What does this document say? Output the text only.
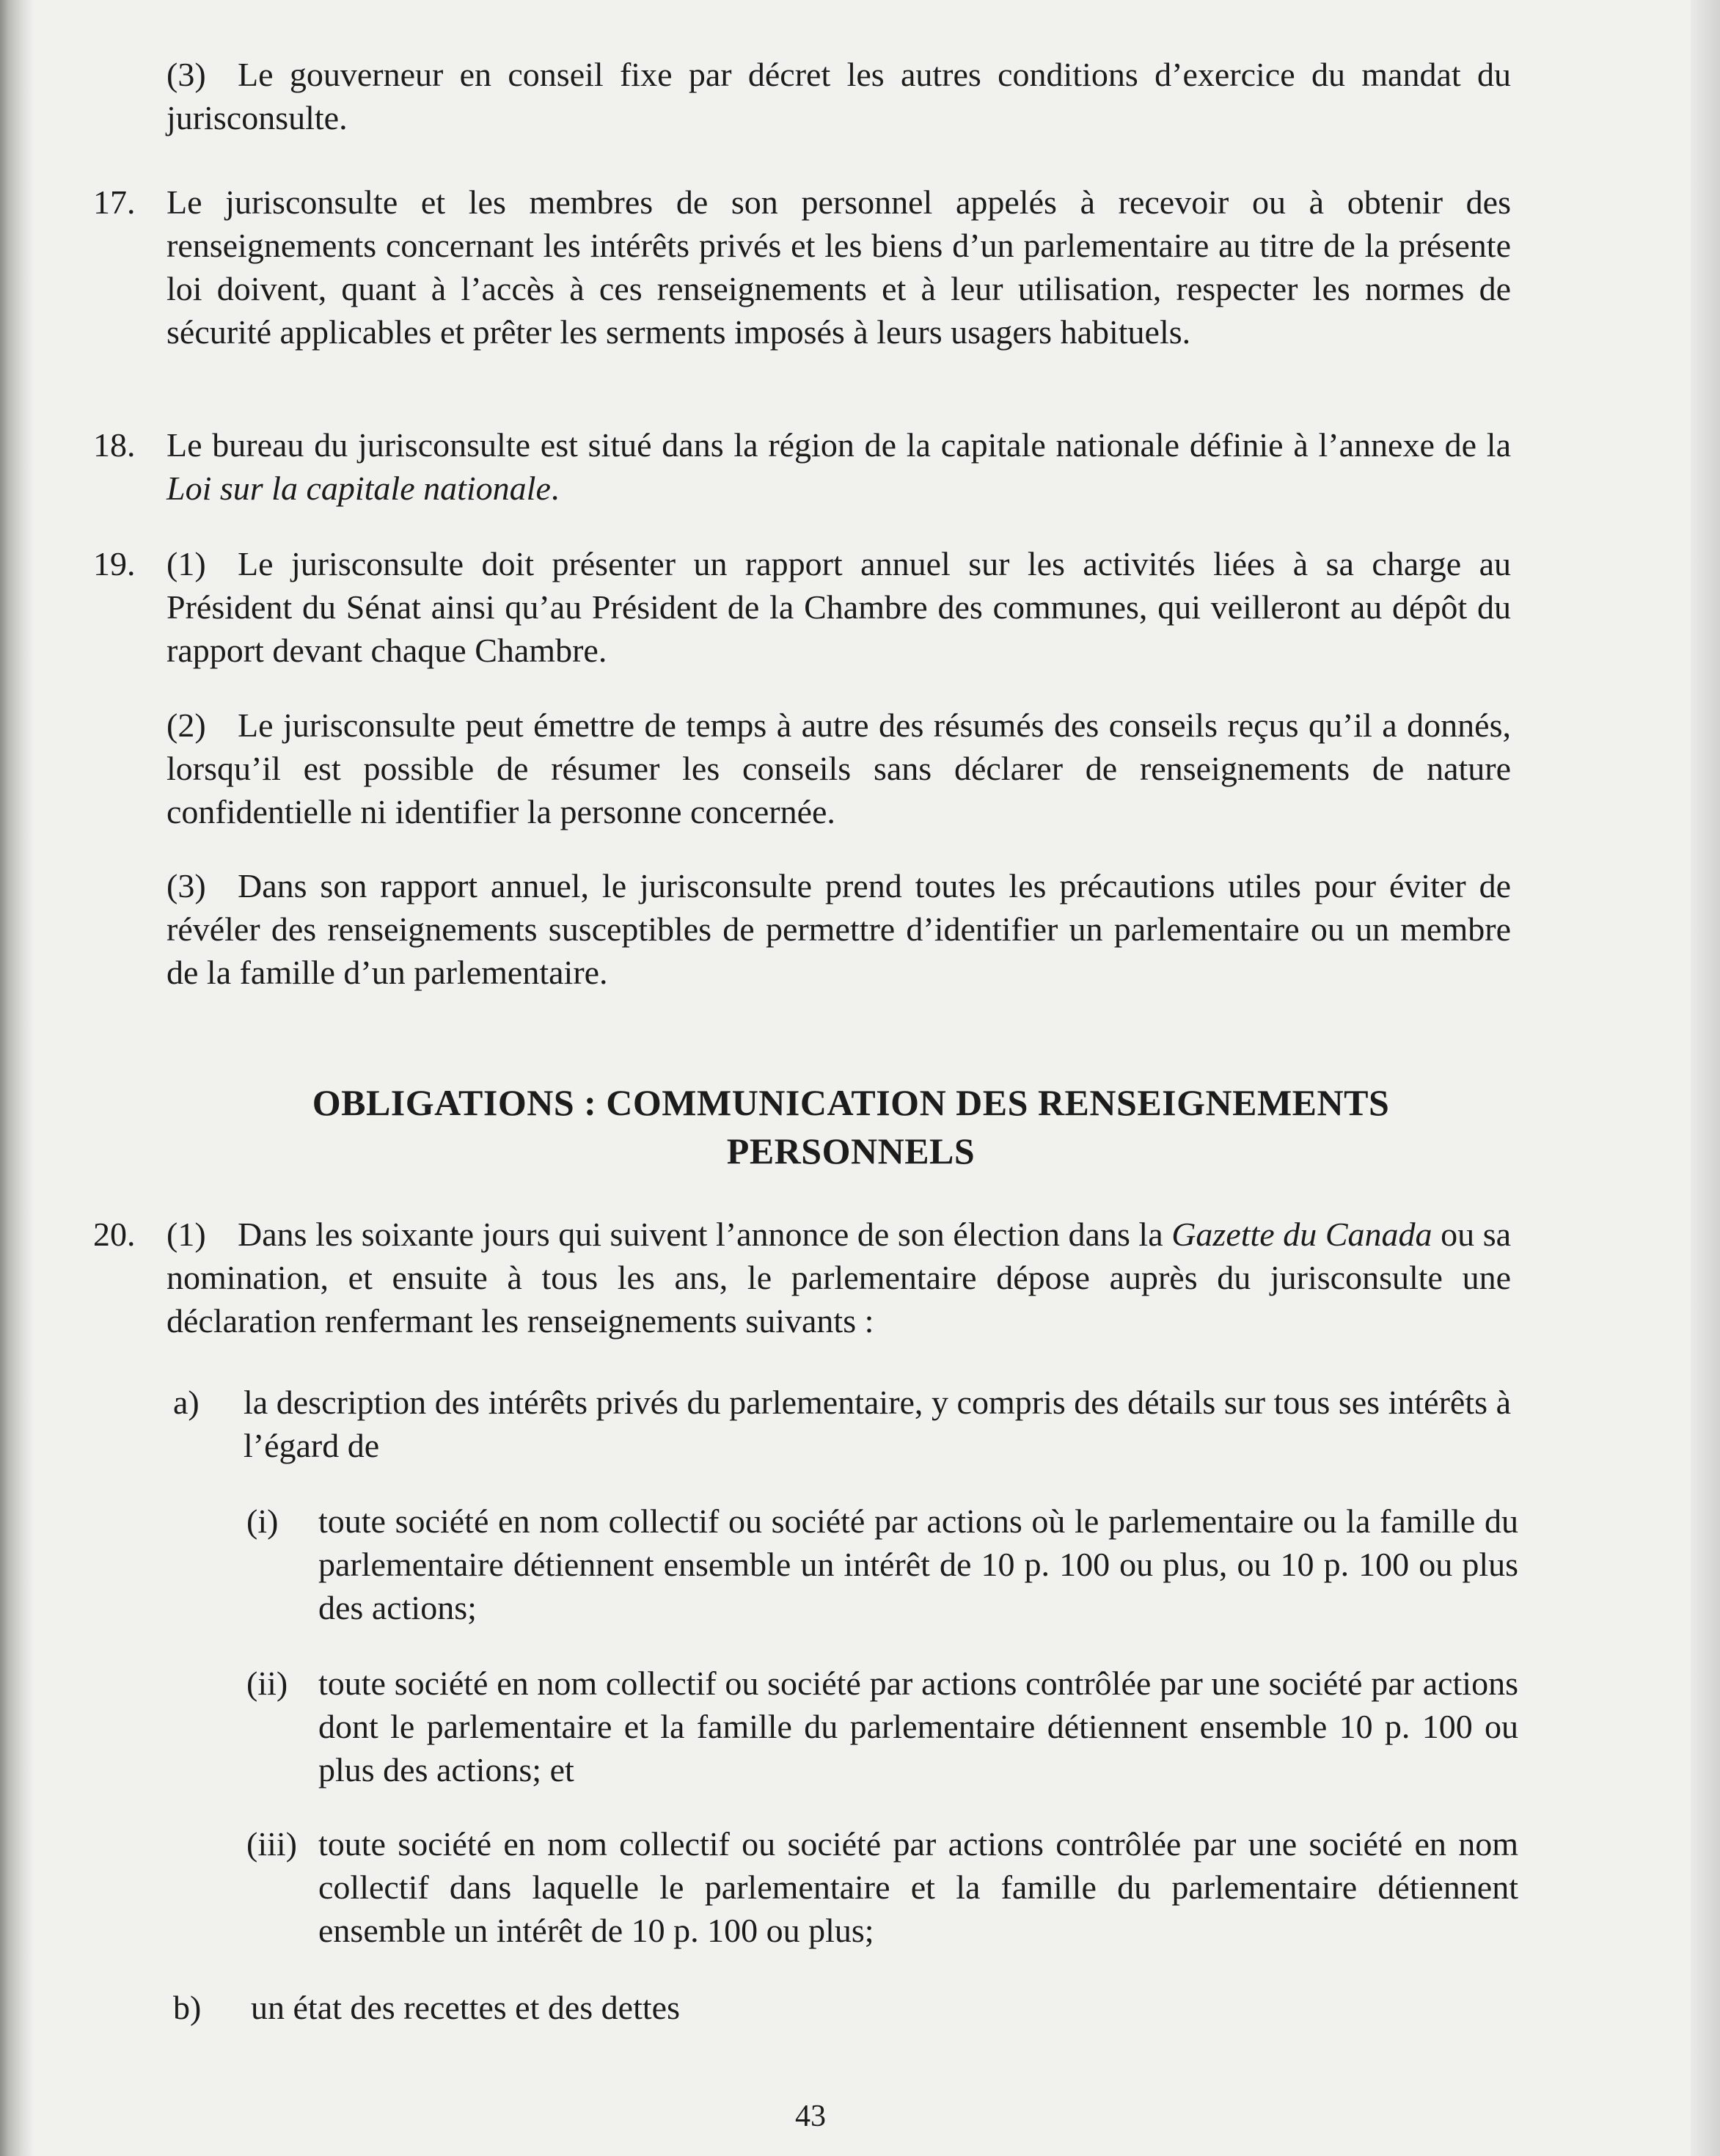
(3) Le gouverneur en conseil fixe par décret les autres conditions d’exercice du mandat du jurisconsulte.

17. Le jurisconsulte et les membres de son personnel appelés à recevoir ou à obtenir des renseignements concernant les intérêts privés et les biens d’un parlementaire au titre de la présente loi doivent, quant à l’accès à ces renseignements et à leur utilisation, respecter les normes de sécurité applicables et prêter les serments imposés à leurs usagers habituels.

18. Le bureau du jurisconsulte est situé dans la région de la capitale nationale définie à l’annexe de la Loi sur la capitale nationale.

19. (1) Le jurisconsulte doit présenter un rapport annuel sur les activités liées à sa charge au Président du Sénat ainsi qu’au Président de la Chambre des communes, qui veilleront au dépôt du rapport devant chaque Chambre.

(2) Le jurisconsulte peut émettre de temps à autre des résumés des conseils reçus qu’il a donnés, lorsqu’il est possible de résumer les conseils sans déclarer de renseignements de nature confidentielle ni identifier la personne concernée.

(3) Dans son rapport annuel, le jurisconsulte prend toutes les précautions utiles pour éviter de révéler des renseignements susceptibles de permettre d’identifier un parlementaire ou un membre de la famille d’un parlementaire.

OBLIGATIONS : COMMUNICATION DES RENSEIGNEMENTS

PERSONNELS

20. (1) Dans les soixante jours qui suivent l’annonce de son élection dans la Gazette du Canada ou sa nomination, et ensuite à tous les ans, le parlementaire dépose auprès du jurisconsulte une déclaration renfermant les renseignements suivants :

a) la description des intérêts privés du parlementaire, y compris des détails sur tous ses intérêts à l’égard de

(i) toute société en nom collectif ou société par actions où le parlementaire ou la famille du parlementaire détiennent ensemble un intérêt de 10 p. 100 ou plus, ou 10 p. 100 ou plus des actions;

(ii) toute société en nom collectif ou société par actions contrôlée par une société par actions dont le parlementaire et la famille du parlementaire détiennent ensemble 10 p. 100 ou plus des actions; et

(iii) toute société en nom collectif ou société par actions contrôlée par une société en nom collectif dans laquelle le parlementaire et la famille du parlementaire détiennent ensemble un intérêt de 10 p. 100 ou plus;

b) un état des recettes et des dettes

43
